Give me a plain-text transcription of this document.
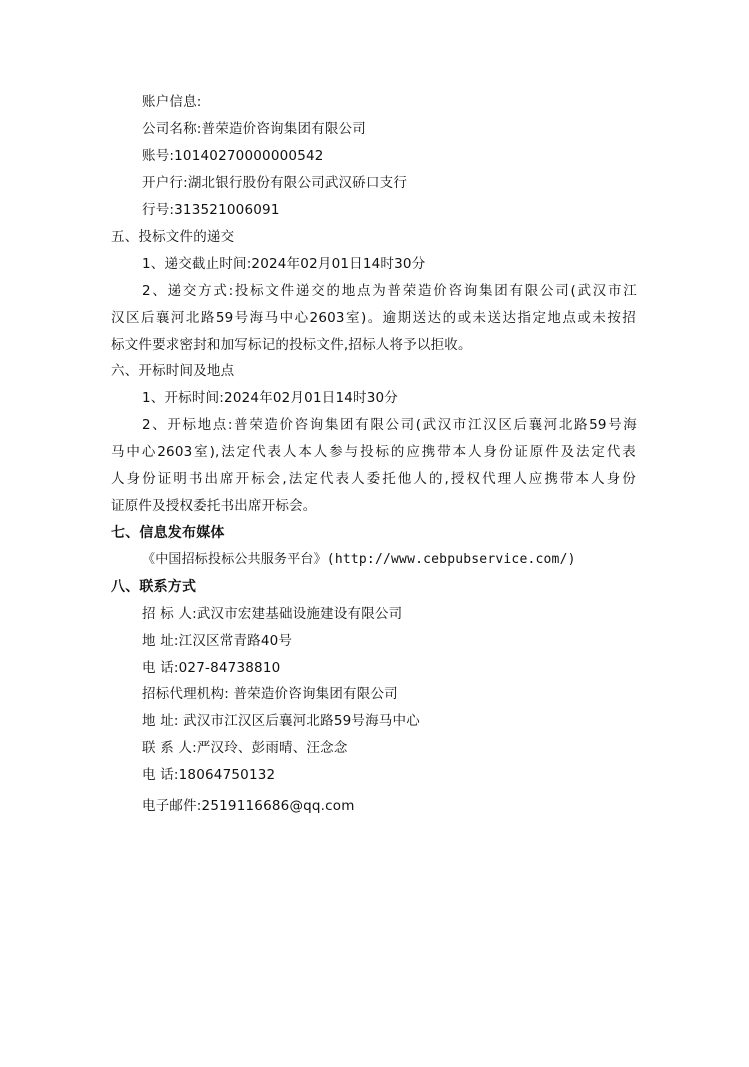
账户信息:
公司名称:普荣造价咨询集团有限公司
账号:10140270000000542
开户行:湖北银行股份有限公司武汉硚口支行
行号:313521006091
五、投标文件的递交
1、递交截止时间:2024年02月01日14时30分
2、递交方式:投标文件递交的地点为普荣造价咨询集团有限公司(武汉市江
汉区后襄河北路59号海马中心2603室)。逾期送达的或未送达指定地点或未按招
标文件要求密封和加写标记的投标文件,招标人将予以拒收。
六、开标时间及地点
1、开标时间:2024年02月01日14时30分
2、开标地点:普荣造价咨询集团有限公司(武汉市江汉区后襄河北路59号海
马中心2603室),法定代表人本人参与投标的应携带本人身份证原件及法定代表
人身份证明书出席开标会,法定代表人委托他人的,授权代理人应携带本人身份
证原件及授权委托书出席开标会。
七、信息发布媒体
《中国招标投标公共服务平台》(http://www.cebpubservice.com/)
八、联系方式
招 标 人:武汉市宏建基础设施建设有限公司
地 址:江汉区常青路40号
电 话:027-84738810
招标代理机构: 普荣造价咨询集团有限公司
地 址: 武汉市江汉区后襄河北路59号海马中心
联 系 人:严汉玲、彭雨晴、汪念念
电 话:18064750132
电子邮件:2519116686@qq.com
